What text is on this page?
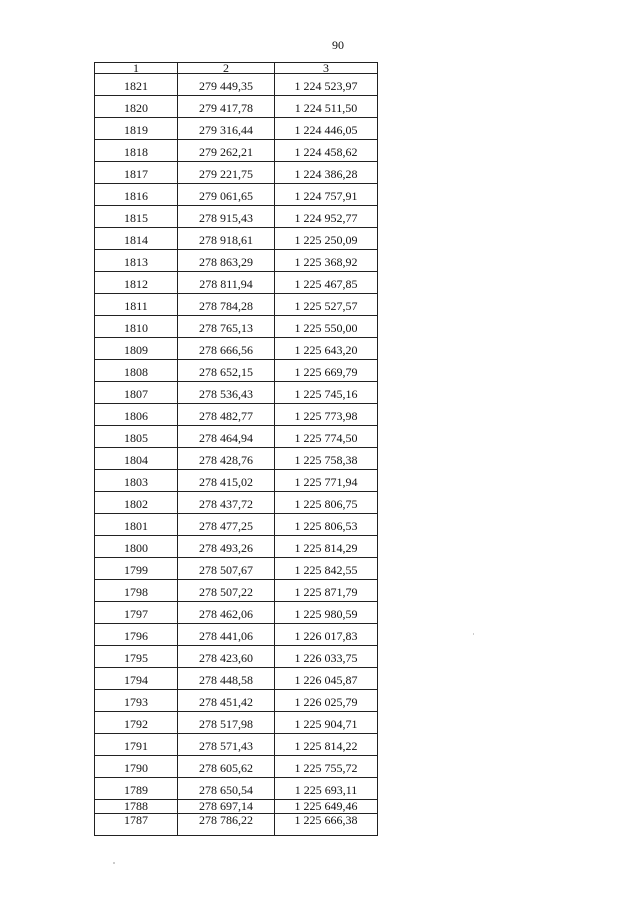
90
1	2	3
1821	279 449,35	1 224 523,97
1820	279 417,78	1 224 511,50
1819	279 316,44	1 224 446,05
1818	279 262,21	1 224 458,62
1817	279 221,75	1 224 386,28
1816	279 061,65	1 224 757,91
1815	278 915,43	1 224 952,77
1814	278 918,61	1 225 250,09
1813	278 863,29	1 225 368,92
1812	278 811,94	1 225 467,85
1811	278 784,28	1 225 527,57
1810	278 765,13	1 225 550,00
1809	278 666,56	1 225 643,20
1808	278 652,15	1 225 669,79
1807	278 536,43	1 225 745,16
1806	278 482,77	1 225 773,98
1805	278 464,94	1 225 774,50
1804	278 428,76	1 225 758,38
1803	278 415,02	1 225 771,94
1802	278 437,72	1 225 806,75
1801	278 477,25	1 225 806,53
1800	278 493,26	1 225 814,29
1799	278 507,67	1 225 842,55
1798	278 507,22	1 225 871,79
1797	278 462,06	1 225 980,59
1796	278 441,06	1 226 017,83
1795	278 423,60	1 226 033,75
1794	278 448,58	1 226 045,87
1793	278 451,42	1 226 025,79
1792	278 517,98	1 225 904,71
1791	278 571,43	1 225 814,22
1790	278 605,62	1 225 755,72
1789	278 650,54	1 225 693,11
1788	278 697,14	1 225 649,46
1787	278 786,22	1 225 666,38
